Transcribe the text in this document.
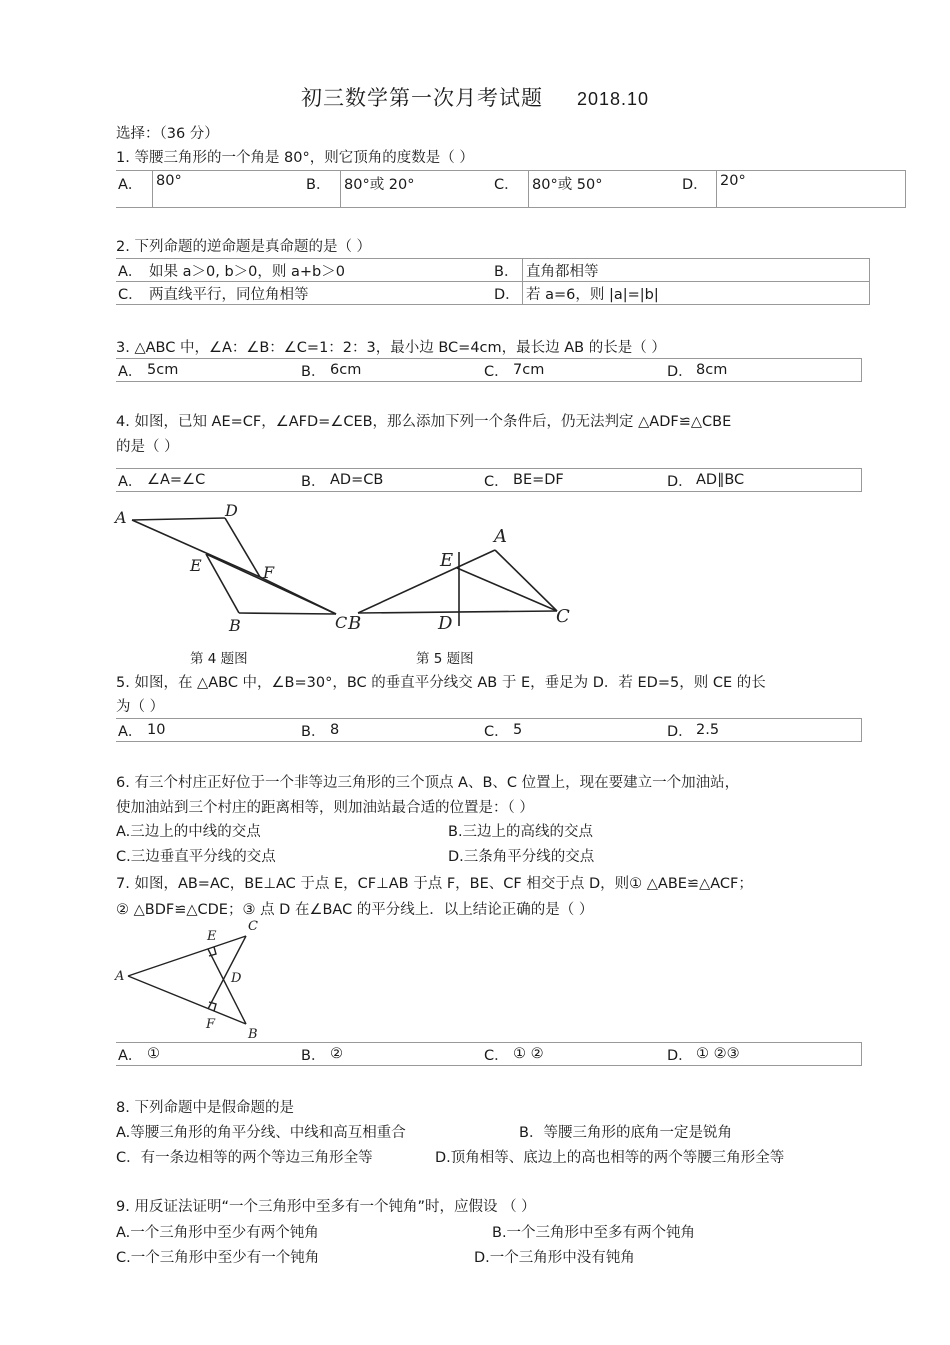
初三数学第一次月考试题 2018.10
选择：（36 分）
1. 等腰三角形的一个角是 80°，则它顶角的度数是（ ）
A．	80°	B．	80°或 20°	C．	80°或 50°	D．	20°
2. 下列命题的逆命题是真命题的是（ ）
A．	如果 a＞0, b＞0，则 a+b＞0	B．	直角都相等
C．	两直线平行，同位角相等	D．	若 a=6，则 |a|=|b|
3. △ABC 中，∠A：∠B：∠C=1：2：3，最小边 BC=4cm，最长边 AB 的长是（ ）
A．	5cm	B．	6cm	C．	7cm	D．	8cm
4. 如图，已知 AE=CF，∠AFD=∠CEB，那么添加下列一个条件后，仍无法判定 △ADF≌△CBE
的是（ ）
A．	∠A=∠C	B．	AD=CB	C．	BE=DF	D．	AD∥BC
A	D
E	F
B	C B
E
A
D	C
第 4 题图	第 5 题图
5. 如图，在 △ABC 中，∠B=30°，BC 的垂直平分线交 AB 于 E，垂足为 D．若 ED=5，则 CE 的长
为（ ）
A．	10	B．	8	C．	5	D．	2.5
6. 有三个村庄正好位于一个非等边三角形的三个顶点 A、B、C 位置上，现在要建立一个加油站，
使加油站到三个村庄的距离相等，则加油站最合适的位置是：（ ）
A.三边上的中线的交点	B.三边上的高线的交点
C.三边垂直平分线的交点	D.三条角平分线的交点
7. 如图，AB=AC，BE⊥AC 于点 E，CF⊥AB 于点 F，BE、CF 相交于点 D，则① △ABE≌△ACF；
② △BDF≌△CDE；③ 点 D 在∠BAC 的平分线上．以上结论正确的是（ ）
A
E
C
D
F
B
A．	①	B．	②	C．	① ②	D．	① ②③
8. 下列命题中是假命题的是
A.等腰三角形的角平分线、中线和高互相重合	B．等腰三角形的底角一定是锐角
C．有一条边相等的两个等边三角形全等	D.顶角相等、底边上的高也相等的两个等腰三角形全等
9. 用反证法证明“一个三角形中至多有一个钝角”时，应假设 （ ）
A.一个三角形中至少有两个钝角	B.一个三角形中至多有两个钝角
C.一个三角形中至少有一个钝角	D.一个三角形中没有钝角
